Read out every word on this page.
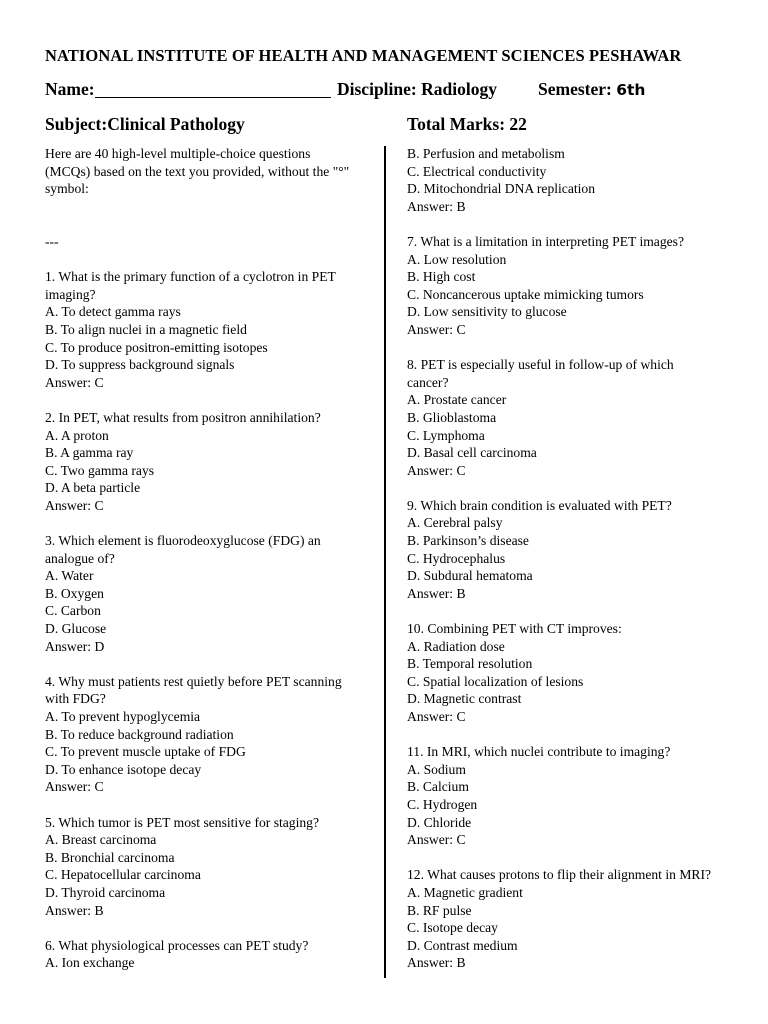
NATIONAL INSTITUTE OF HEALTH AND MANAGEMENT SCIENCES PESHAWAR
Name:	Discipline: Radiology Semester: 6th
Subject:Clinical Pathology	Total Marks: 22
Here are 40 high-level multiple-choice questions
(MCQs) based on the text you provided, without the "°"
symbol:
---
1. What is the primary function of a cyclotron in PET
imaging?
A. To detect gamma rays
B. To align nuclei in a magnetic field
C. To produce positron-emitting isotopes
D. To suppress background signals
Answer: C
2. In PET, what results from positron annihilation?
A. A proton
B. A gamma ray
C. Two gamma rays
D. A beta particle
Answer: C
3. Which element is fluorodeoxyglucose (FDG) an
analogue of?
A. Water
B. Oxygen
C. Carbon
D. Glucose
Answer: D
4. Why must patients rest quietly before PET scanning
with FDG?
A. To prevent hypoglycemia
B. To reduce background radiation
C. To prevent muscle uptake of FDG
D. To enhance isotope decay
Answer: C
5. Which tumor is PET most sensitive for staging?
A. Breast carcinoma
B. Bronchial carcinoma
C. Hepatocellular carcinoma
D. Thyroid carcinoma
Answer: B
6. What physiological processes can PET study?
A. Ion exchange
B. Perfusion and metabolism
C. Electrical conductivity
D. Mitochondrial DNA replication
Answer: B
7. What is a limitation in interpreting PET images?
A. Low resolution
B. High cost
C. Noncancerous uptake mimicking tumors
D. Low sensitivity to glucose
Answer: C
8. PET is especially useful in follow-up of which
cancer?
A. Prostate cancer
B. Glioblastoma
C. Lymphoma
D. Basal cell carcinoma
Answer: C
9. Which brain condition is evaluated with PET?
A. Cerebral palsy
B. Parkinson’s disease
C. Hydrocephalus
D. Subdural hematoma
Answer: B
10. Combining PET with CT improves:
A. Radiation dose
B. Temporal resolution
C. Spatial localization of lesions
D. Magnetic contrast
Answer: C
11. In MRI, which nuclei contribute to imaging?
A. Sodium
B. Calcium
C. Hydrogen
D. Chloride
Answer: C
12. What causes protons to flip their alignment in MRI?
A. Magnetic gradient
B. RF pulse
C. Isotope decay
D. Contrast medium
Answer: B
